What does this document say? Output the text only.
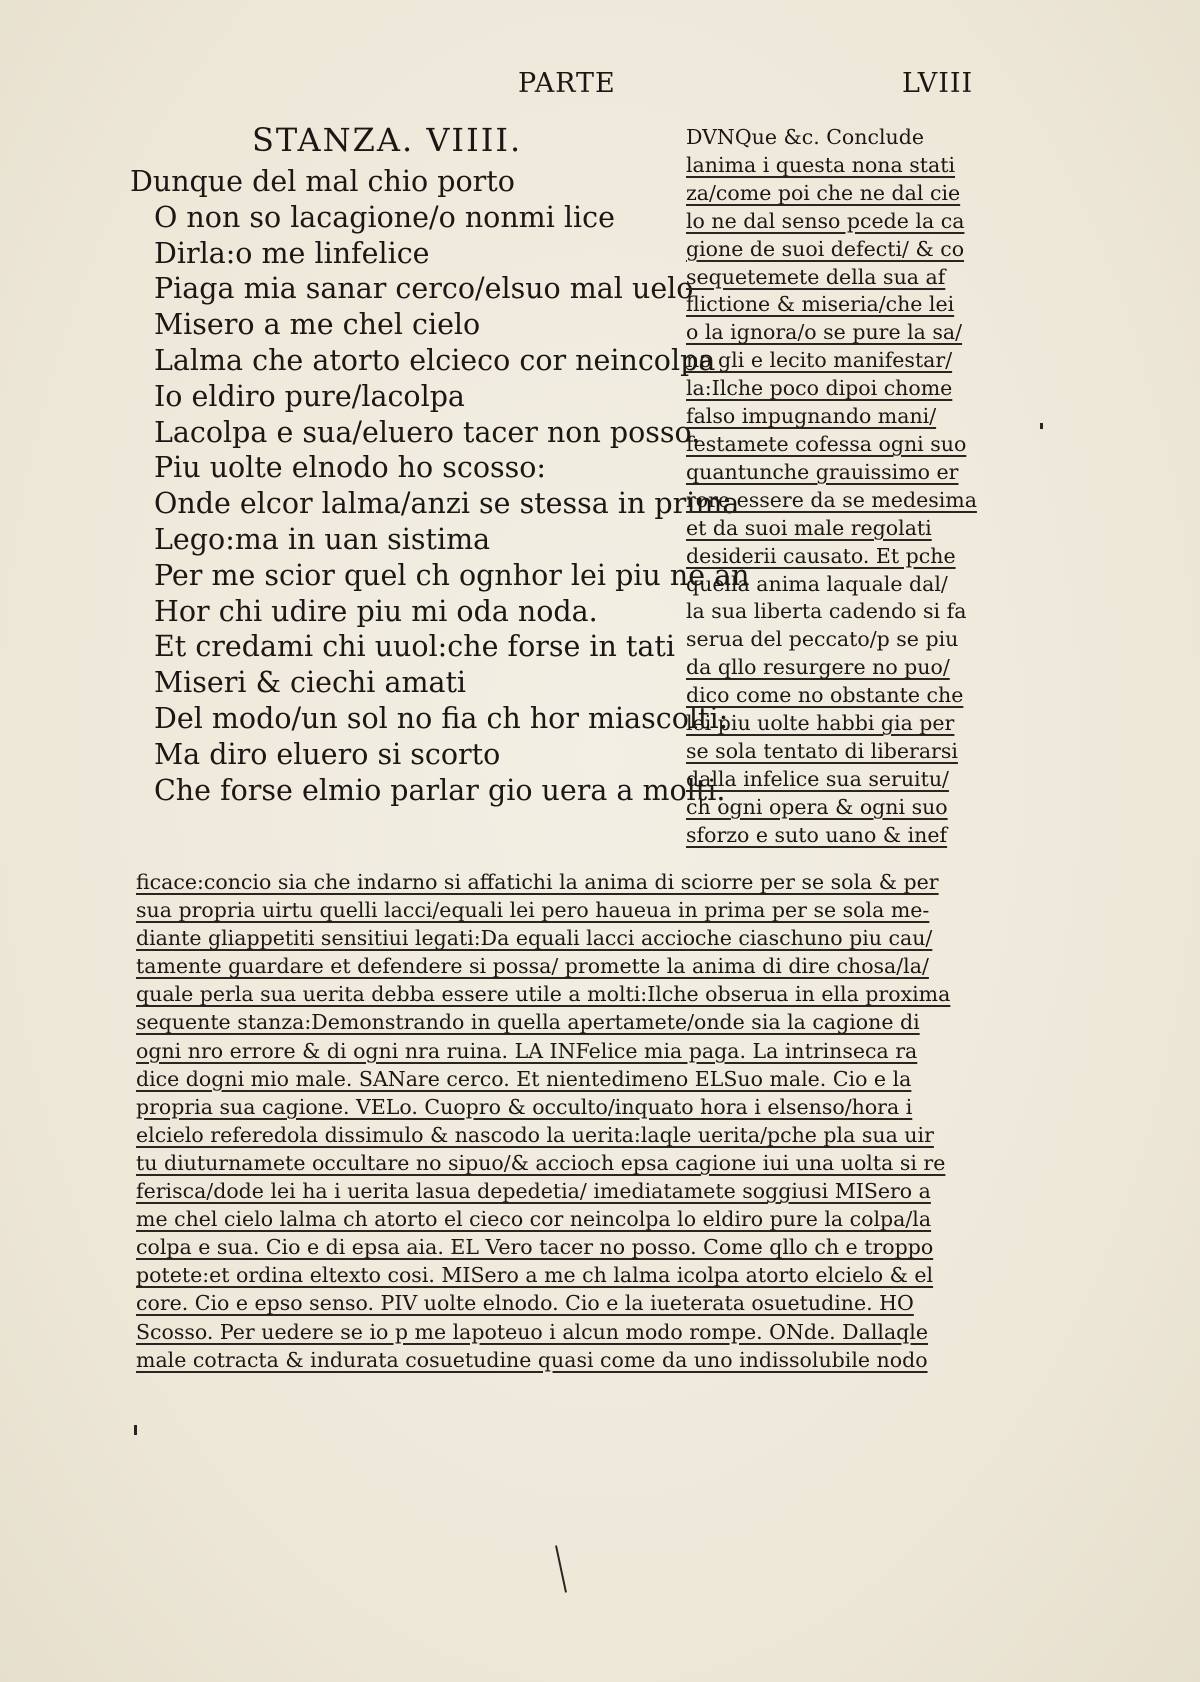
PARTE	LVIII
STANZA. VIIII.
Dunque del mal chio porto
O non so lacagione/o nonmi lice
Dirla:o me linfelice
Piaga mia sanar cerco/elsuo mal uelo
Misero a me chel cielo
Lalma che atorto elcieco cor neincolpa
Io eldiro pure/lacolpa
Lacolpa e sua/eluero tacer non posso.
Piu uolte elnodo ho scosso:
Onde elcor lalma/anzi se stessa in prima
Lego:ma in uan sistima
Per me scior quel ch ognhor lei piu ne an
Hor chi udire piu mi oda noda.
Et credami chi uuol:che forse in tati
Miseri & ciechi amati
Del modo/un sol no fia ch hor miascolti:
Ma diro eluero si scorto
Che forse elmio parlar gio uera a molti.
DVNQue &c. Conclude
lanima i questa nona stati
za/come poi che ne dal cie
lo ne dal senso pcede la ca
gione de suoi defecti/ & co
sequetemete della sua af
flictione & miseria/che lei
o la ignora/o se pure la sa/
no gli e lecito manifestar/
la:Ilche poco dipoi chome
falso impugnando mani/
festamete cofessa ogni suo
quantunche grauissimo er
rore essere da se medesima
et da suoi male regolati
desiderii causato. Et pche
quella anima laquale dal/
la sua liberta cadendo si fa
serua del peccato/p se piu
da qllo resurgere no puo/
dico come no obstante che
lei piu uolte habbi gia per
se sola tentato di liberarsi
dalla infelice sua seruitu/
ch ogni opera & ogni suo
sforzo e suto uano & inef
ficace:concio sia che indarno si affatichi la anima di sciorre per se sola & per
sua propria uirtu quelli lacci/equali lei pero haueua in prima per se sola me-
diante gliappetiti sensitiui legati:Da equali lacci accioche ciaschuno piu cau/
tamente guardare et defendere si possa/ promette la anima di dire chosa/la/
quale perla sua uerita debba essere utile a molti:Ilche obserua in ella proxima
sequente stanza:Demonstrando in quella apertamete/onde sia la cagione di
ogni nro errore & di ogni nra ruina. LA INFelice mia paga. La intrinseca ra
dice dogni mio male. SANare cerco. Et nientedimeno ELSuo male. Cio e la
propria sua cagione. VELo. Cuopro & occulto/inquato hora i elsenso/hora i
elcielo referedola dissimulo & nascodo la uerita:laqle uerita/pche pla sua uir
tu diuturnamete occultare no sipuo/& accioch epsa cagione iui una uolta si re
ferisca/dode lei ha i uerita lasua depedetia/ imediatamete soggiusi MISero a
me chel cielo lalma ch atorto el cieco cor neincolpa lo eldiro pure la colpa/la
colpa e sua. Cio e di epsa aia. EL Vero tacer no posso. Come qllo ch e troppo
potete:et ordina eltexto cosi. MISero a me ch lalma icolpa atorto elcielo & el
core. Cio e epso senso. PIV uolte elnodo. Cio e la iueterata osuetudine. HO
Scosso. Per uedere se io p me lapoteuo i alcun modo rompe. ONde. Dallaqle
male cotracta & indurata cosuetudine quasi come da uno indissolubile nodo
